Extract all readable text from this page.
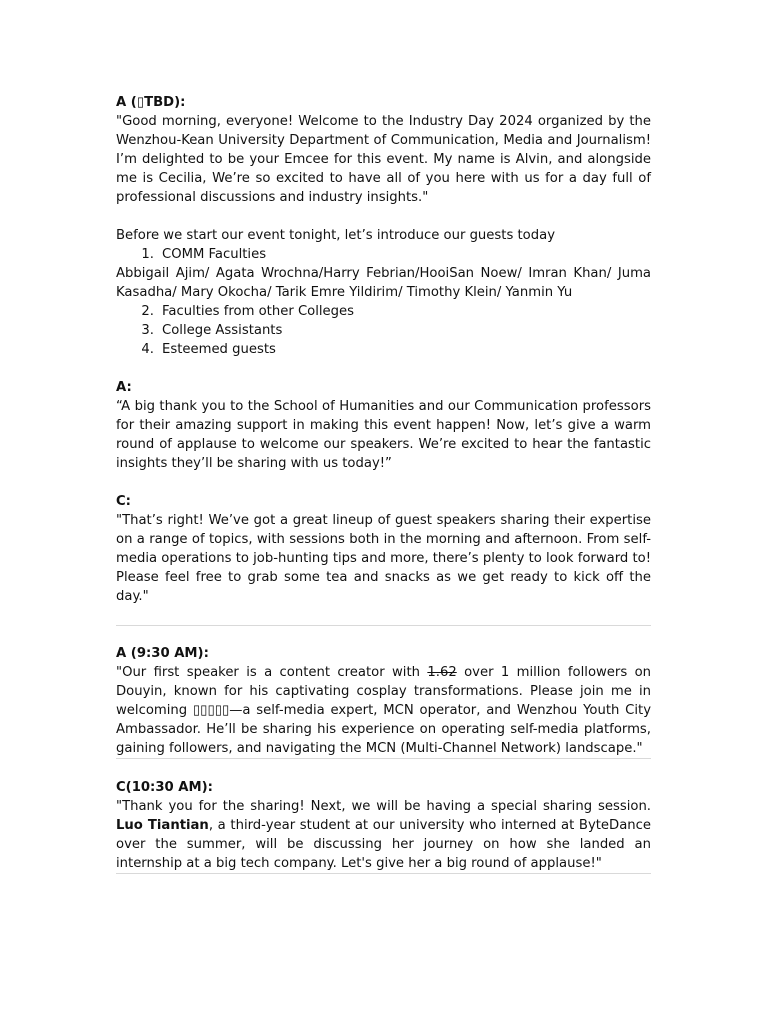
A (▯TBD):

"Good morning, everyone! Welcome to the Industry Day 2024 organized by the Wenzhou-Kean University Department of Communication, Media and Journalism! I’m delighted to be your Emcee for this event. My name is Alvin, and alongside me is Cecilia, We’re so excited to have all of you here with us for a day full of professional discussions and industry insights."

Before we start our event tonight, let’s introduce our guests today

1. COMM Faculties

Abbigail Ajim/ Agata Wrochna/Harry Febrian/HooiSan Noew/ Imran Khan/ Juma Kasadha/ Mary Okocha/ Tarik Emre Yildirim/ Timothy Klein/ Yanmin Yu

2. Faculties from other Colleges
3. College Assistants
4. Esteemed guests

A:

“A big thank you to the School of Humanities and our Communication professors for their amazing support in making this event happen! Now, let’s give a warm round of applause to welcome our speakers. We’re excited to hear the fantastic insights they’ll be sharing with us today!”

C:

"That’s right! We’ve got a great lineup of guest speakers sharing their expertise on a range of topics, with sessions both in the morning and afternoon. From self-media operations to job-hunting tips and more, there’s plenty to look forward to! Please feel free to grab some tea and snacks as we get ready to kick off the day."

A (9:30 AM):

"Our first speaker is a content creator with 1.62 over 1 million followers on Douyin, known for his captivating cosplay transformations. Please join me in welcoming ▯▯▯▯▯—a self-media expert, MCN operator, and Wenzhou Youth City Ambassador. He’ll be sharing his experience on operating self-media platforms, gaining followers, and navigating the MCN (Multi-Channel Network) landscape."

C(10:30 AM):

"Thank you for the sharing! Next, we will be having a special sharing session. Luo Tiantian, a third-year student at our university who interned at ByteDance over the summer, will be discussing her journey on how she landed an internship at a big tech company. Let's give her a big round of applause!"
